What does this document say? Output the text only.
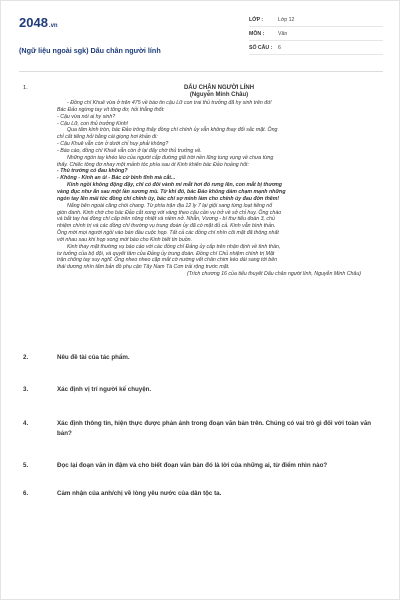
2048.vn
(Ngữ liệu ngoài sgk) Dấu chân người lính
LỚP :	Lớp 12
MÔN :	Văn
SỐ CÂU :	6
1.	DẤU CHÂN NGƯỜI LÍNH
(Nguyễn Minh Châu)
- Đồng chí Khuê vừa ở trên 475 về báo tin cậu Lữ con trai thủ trưởng đã hy sinh trên đó!
Bác Đảo ngừng tay vít tông đơ, hỏi thẳng thốt:
- Cậu vừa nói ai hy sinh?
- Cậu Lữ, con thủ trưởng Kinh!
Qua tấm kính tròn, bác Đảo trông thấy đồng chí chính ủy vẫn không thay đổi sắc mặt. Ông
chỉ cất tiếng hỏi bằng cái giọng hơi khản đi:
- Cậu Khuê vẫn còn ở dưới chỉ huy phải không?
- Báo cáo, đồng chí Khuê vẫn còn ở lại đấy chờ thủ trưởng về.
Những ngón tay khéo léo của người cắp đường giã trời nền lũng tung vụng về chưa từng
thấy. Chiếc tông đơ nhay một mảnh tóc phía sau ót Kinh khiến bác Đảo hoảng hốt:
- Thủ trưởng có đau không?
- Không - Kinh an ủi - Bác cứ bình tĩnh mà cắt...
Kinh ngồi không động đậy, chỉ có đôi vành mi mắt hơi đỏ rưng lên, con mắt bị thương
vàng đục như ẩn sau một lần sương mù. Từ khi đó, bác Đảo không dám chạm mạnh những
ngón tay lên mái tóc đồng chí chính ủy, bác chỉ sợ mình làm cho chính ủy đau đớn thêm!
Nắng bên ngoài căng chói chang. Từ phía trận địa 12 ly 7 lại giội sang từng loạt tiếng nổ
giòn đanh. Kinh chờ cho bác Đảo cắt xong với vàng theo cậu cần vụ trở về sở chỉ huy. Ông chào
và bắt tay hai đồng chí cấp trên nông nhiệt và niềm nở. Nhẫn, Vương - bí thư tiểu đoàn 3, chủ
nhiệm chính trị và các đồng chí thường vụ trung đoàn ủy đã có mặt đủ cả. Kinh vẫn bình thản.
Ông mời mọi người ngồi vào bàn đầu cuộc họp. Tất cả các đồng chí nhìn cõi mặt đã thông nhất
với nhau sau khi họp xong mới báo cho Kinh biết tin buồn.
Kinh thay mặt thường vụ báo cáo với các đồng chí Đảng ủy cấp trên nhận định về tình thần,
tư tưởng của bộ đội, và quyết tâm của Đảng ủy trung đoàn. Đồng chí Chủ nhiệm chính trị Mặt
trận chống tay suy nghĩ. Ông nheo nheo cặp mắt cờ nường vết chân chim kéo dài sang tới bên
thái dương nhìn tấm bản đồ phụ cận Tây Nam Tà Cơn trải rộng trước mặt.
(Trích chương 16 của tiểu thuyết Dấu chân người lính, Nguyễn Minh Châu)
2.	Nêu đề tài của tác phẩm.
3.	Xác định vị trí người kể chuyện.
4.	Xác định thông tin, hiện thực được phản ánh trong đoạn văn bản trên. Chúng có vai trò gì đối với toàn văn bản?
5.	Đọc lại đoạn văn in đậm và cho biết đoạn văn bản đó là lời của những ai, từ điểm nhìn nào?
6.	Cảm nhận của anh/chị về lòng yêu nước của dân tộc ta.
